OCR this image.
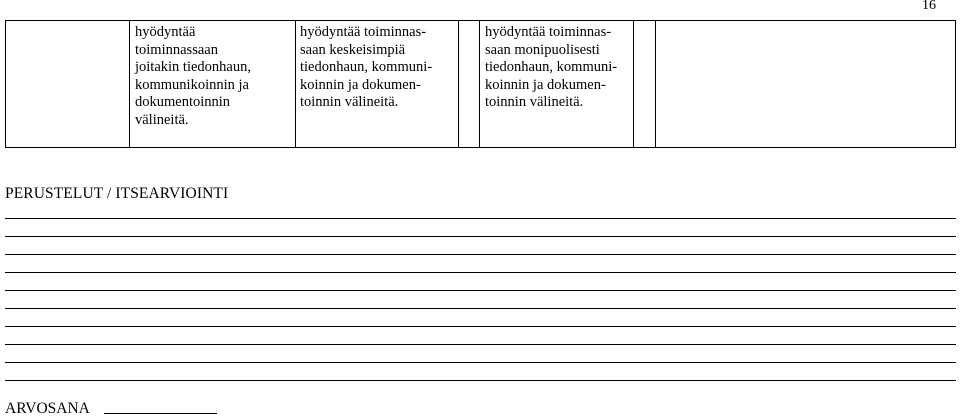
16
hyödyntää
toiminnassaan
joitakin tiedonhaun,
kommunikoinnin ja
dokumentoinnin
välineitä.
hyödyntää toiminnas-
saan keskeisimpiä
tiedonhaun, kommuni-
koinnin ja dokumen-
toinnin välineitä.
hyödyntää toiminnas-
saan monipuolisesti
tiedonhaun, kommuni-
koinnin ja dokumen-
toinnin välineitä.
PERUSTELUT / ITSEARVIOINTI
ARVOSANA
